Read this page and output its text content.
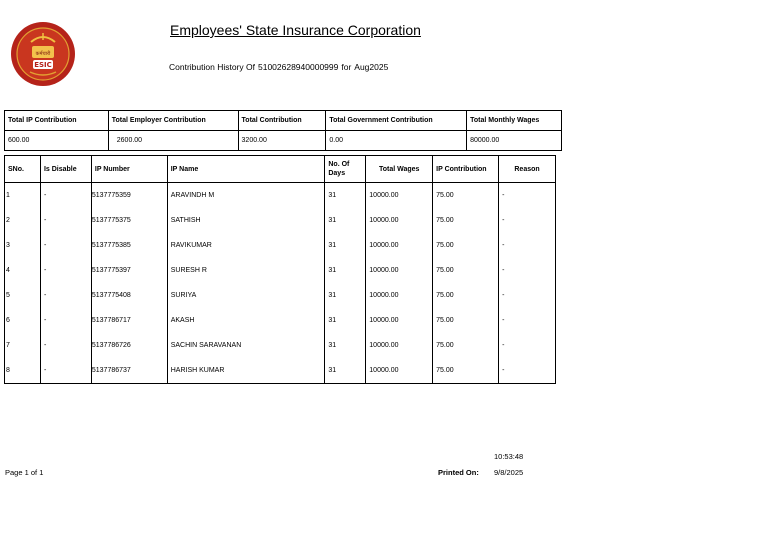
कर्मचारी
ESIC
Employees' State Insurance Corporation
Contribution History Of 51002628940000999 for Aug2025
Total IP Contribution	Total Employer Contribution	Total Contribution	Total Government Contribution	Total Monthly Wages
600.00	2600.00	3200.00	0.00	80000.00
SNo.	Is Disable	IP Number	IP Name	No. Of Days	Total Wages	IP Contribution	Reason
1	-	5137775359	ARAVINDH M	31	10000.00	75.00	-
2	-	5137775375	SATHISH	31	10000.00	75.00	-
3	-	5137775385	RAVIKUMAR	31	10000.00	75.00	-
4	-	5137775397	SURESH R	31	10000.00	75.00	-
5	-	5137775408	SURIYA	31	10000.00	75.00	-
6	-	5137786717	AKASH	31	10000.00	75.00	-
7	-	5137786726	SACHIN SARAVANAN	31	10000.00	75.00	-
8	-	5137786737	HARISH KUMAR	31	10000.00	75.00	-
Page 1 of 1
10:53:48
Printed On: 9/8/2025
